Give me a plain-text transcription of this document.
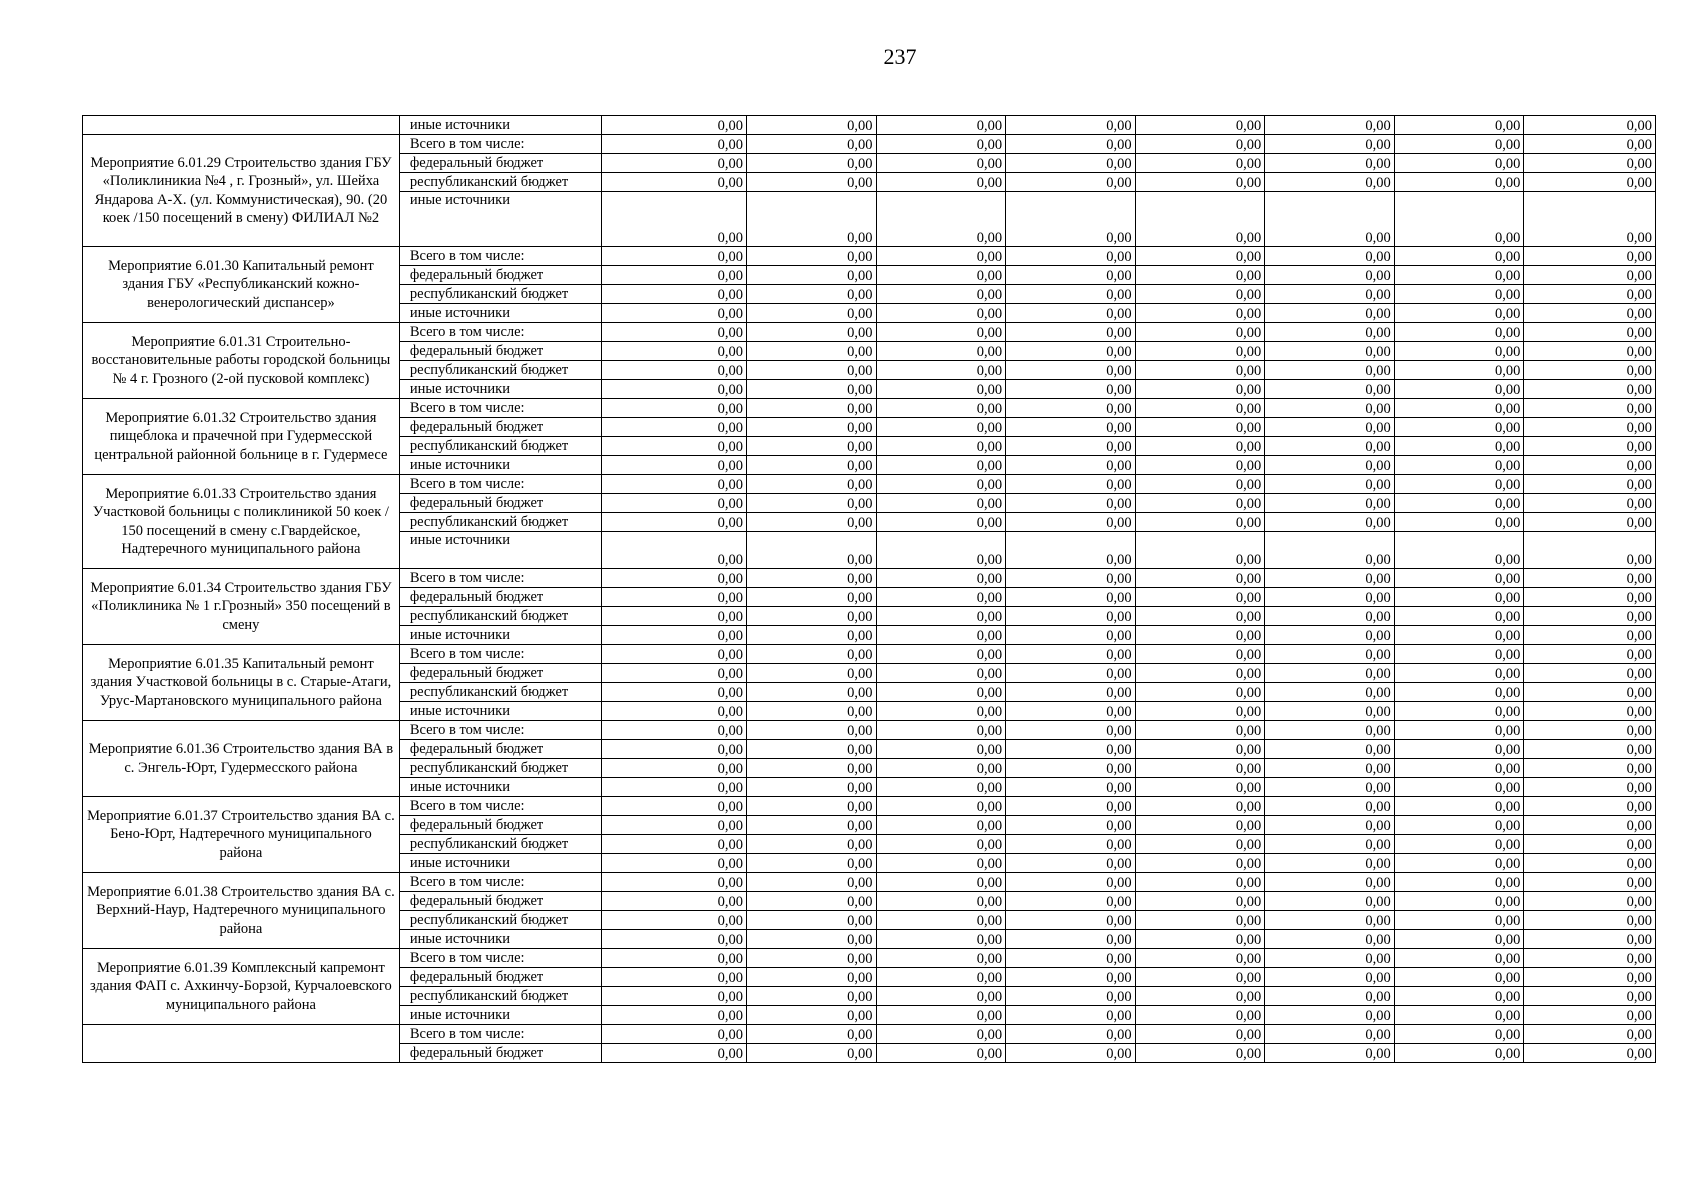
237
	иные источники	0,00	0,00	0,00	0,00	0,00	0,00	0,00	0,00
Мероприятие 6.01.29 Строительство здания ГБУ «Поликлиникиа №4 , г. Грозный», ул. Шейха Яндарова А-Х. (ул. Коммунистическая), 90. (20 коек /150 посещений в смену) ФИЛИАЛ №2	Всего в том числе:	0,00	0,00	0,00	0,00	0,00	0,00	0,00	0,00
	федеральный бюджет	0,00	0,00	0,00	0,00	0,00	0,00	0,00	0,00
	республиканский бюджет	0,00	0,00	0,00	0,00	0,00	0,00	0,00	0,00
	иные источники	0,00	0,00	0,00	0,00	0,00	0,00	0,00	0,00
Мероприятие 6.01.30 Капитальный ремонт здания ГБУ «Республиканский кожно-венерологический диспансер»	Всего в том числе:	0,00	0,00	0,00	0,00	0,00	0,00	0,00	0,00
	федеральный бюджет	0,00	0,00	0,00	0,00	0,00	0,00	0,00	0,00
	республиканский бюджет	0,00	0,00	0,00	0,00	0,00	0,00	0,00	0,00
	иные источники	0,00	0,00	0,00	0,00	0,00	0,00	0,00	0,00
Мероприятие 6.01.31 Строительно-восстановительные работы городской больницы № 4 г. Грозного (2-ой пусковой комплекс)	Всего в том числе:	0,00	0,00	0,00	0,00	0,00	0,00	0,00	0,00
	федеральный бюджет	0,00	0,00	0,00	0,00	0,00	0,00	0,00	0,00
	республиканский бюджет	0,00	0,00	0,00	0,00	0,00	0,00	0,00	0,00
	иные источники	0,00	0,00	0,00	0,00	0,00	0,00	0,00	0,00
Мероприятие 6.01.32 Строительство здания пищеблока и прачечной при Гудермесской центральной районной больнице в г. Гудермесе	Всего в том числе:	0,00	0,00	0,00	0,00	0,00	0,00	0,00	0,00
	федеральный бюджет	0,00	0,00	0,00	0,00	0,00	0,00	0,00	0,00
	республиканский бюджет	0,00	0,00	0,00	0,00	0,00	0,00	0,00	0,00
	иные источники	0,00	0,00	0,00	0,00	0,00	0,00	0,00	0,00
Мероприятие 6.01.33 Строительство здания Участковой больницы с поликлиникой 50 коек / 150 посещений в смену с.Гвардейское, Надтеречного муниципального района	Всего в том числе:	0,00	0,00	0,00	0,00	0,00	0,00	0,00	0,00
	федеральный бюджет	0,00	0,00	0,00	0,00	0,00	0,00	0,00	0,00
	республиканский бюджет	0,00	0,00	0,00	0,00	0,00	0,00	0,00	0,00
	иные источники	0,00	0,00	0,00	0,00	0,00	0,00	0,00	0,00
Мероприятие 6.01.34 Строительство здания ГБУ «Поликлиника № 1 г.Грозный» 350 посещений в смену	Всего в том числе:	0,00	0,00	0,00	0,00	0,00	0,00	0,00	0,00
	федеральный бюджет	0,00	0,00	0,00	0,00	0,00	0,00	0,00	0,00
	республиканский бюджет	0,00	0,00	0,00	0,00	0,00	0,00	0,00	0,00
	иные источники	0,00	0,00	0,00	0,00	0,00	0,00	0,00	0,00
Мероприятие 6.01.35 Капитальный ремонт здания Участковой больницы в с. Старые-Атаги, Урус-Мартановского муниципального района	Всего в том числе:	0,00	0,00	0,00	0,00	0,00	0,00	0,00	0,00
	федеральный бюджет	0,00	0,00	0,00	0,00	0,00	0,00	0,00	0,00
	республиканский бюджет	0,00	0,00	0,00	0,00	0,00	0,00	0,00	0,00
	иные источники	0,00	0,00	0,00	0,00	0,00	0,00	0,00	0,00
Мероприятие 6.01.36 Строительство здания ВА в с. Энгель-Юрт, Гудермесского района	Всего в том числе:	0,00	0,00	0,00	0,00	0,00	0,00	0,00	0,00
	федеральный бюджет	0,00	0,00	0,00	0,00	0,00	0,00	0,00	0,00
	республиканский бюджет	0,00	0,00	0,00	0,00	0,00	0,00	0,00	0,00
	иные источники	0,00	0,00	0,00	0,00	0,00	0,00	0,00	0,00
Мероприятие 6.01.37 Строительство здания ВА с. Бено-Юрт, Надтеречного муниципального района	Всего в том числе:	0,00	0,00	0,00	0,00	0,00	0,00	0,00	0,00
	федеральный бюджет	0,00	0,00	0,00	0,00	0,00	0,00	0,00	0,00
	республиканский бюджет	0,00	0,00	0,00	0,00	0,00	0,00	0,00	0,00
	иные источники	0,00	0,00	0,00	0,00	0,00	0,00	0,00	0,00
Мероприятие 6.01.38 Строительство здания ВА с. Верхний-Наур, Надтеречного муниципального района	Всего в том числе:	0,00	0,00	0,00	0,00	0,00	0,00	0,00	0,00
	федеральный бюджет	0,00	0,00	0,00	0,00	0,00	0,00	0,00	0,00
	республиканский бюджет	0,00	0,00	0,00	0,00	0,00	0,00	0,00	0,00
	иные источники	0,00	0,00	0,00	0,00	0,00	0,00	0,00	0,00
Мероприятие 6.01.39 Комплексный капремонт здания ФАП с. Ахкинчу-Борзой, Курчалоевского муниципального района	Всего в том числе:	0,00	0,00	0,00	0,00	0,00	0,00	0,00	0,00
	федеральный бюджет	0,00	0,00	0,00	0,00	0,00	0,00	0,00	0,00
	республиканский бюджет	0,00	0,00	0,00	0,00	0,00	0,00	0,00	0,00
	иные источники	0,00	0,00	0,00	0,00	0,00	0,00	0,00	0,00
	Всего в том числе:	0,00	0,00	0,00	0,00	0,00	0,00	0,00	0,00
	федеральный бюджет	0,00	0,00	0,00	0,00	0,00	0,00	0,00	0,00
